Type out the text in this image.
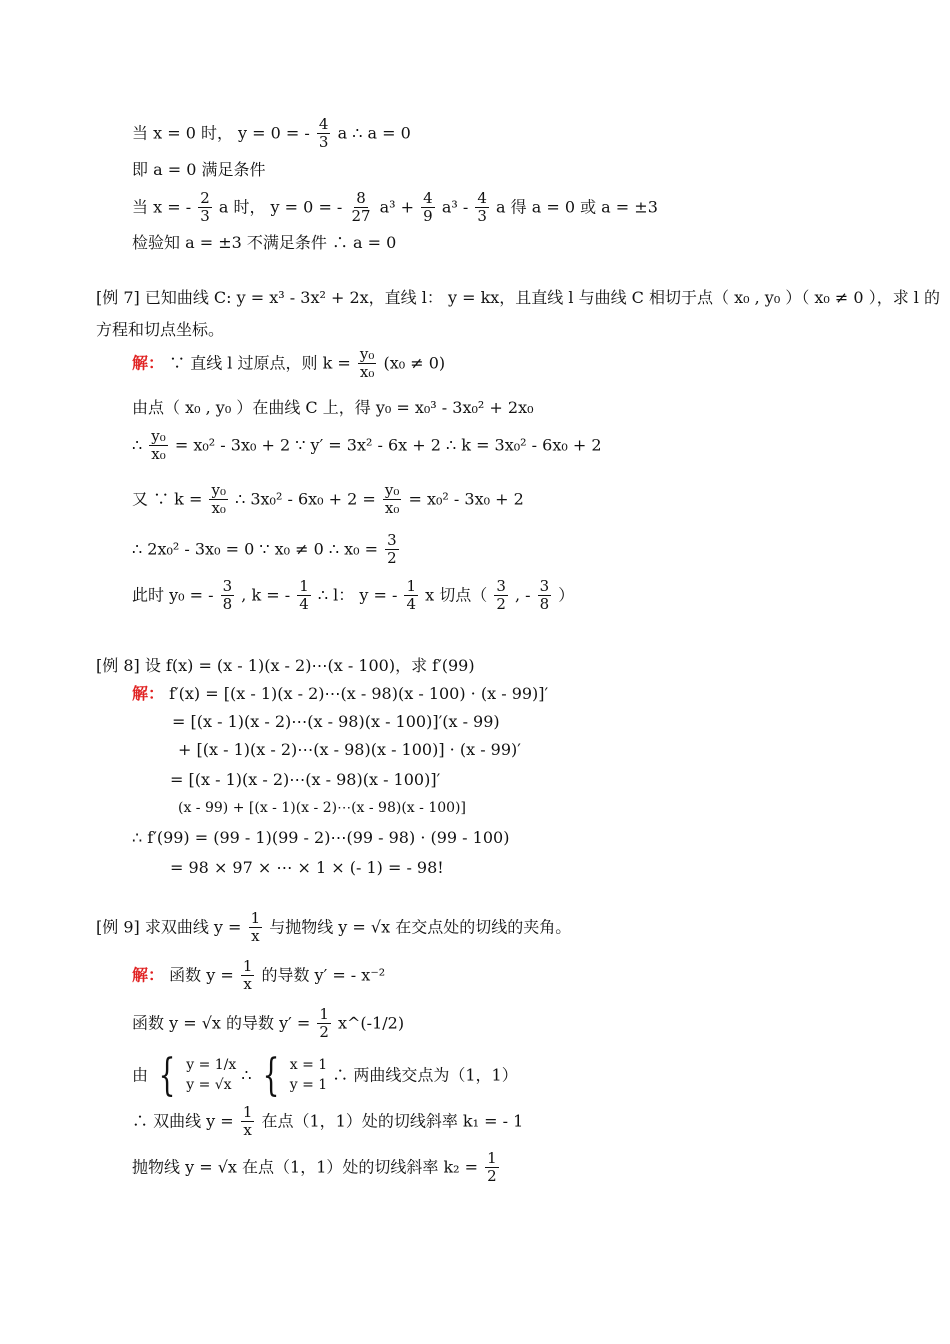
当 x = 0 时， y = 0 = - $\frac{4}{3}$ a ∴ a = 0
即 a = 0 满足条件
当 x = - $\frac{2}{3}$ a 时， y = 0 = - $\frac{8}{27} a^3 + \frac{4}{9} a^3 - \frac{4}{3}$ a 得 a = 0 或 a = ±3
检验知 a = ±3 不满足条件 ∴ a = 0
[例 7] 已知曲线 C: y = x³ - 3x² + 2x，直线 l： y = kx，且直线 l 与曲线 C 相切于点（ x₀ , y₀ ）（ x₀ ≠ 0 ），求 l 的
方程和切点坐标。
解： ∵ 直线 l 过原点，则 $k = \frac{\text{y₀}}{\text{x₀}} (x_0 \ne 0)$
由点（ x₀ , y₀ ）在曲线 C 上，得 y₀ = x₀³ - 3x₀² + 2x₀
∴ $\frac{\text{y₀}}{\text{x₀}} = x_0^2 - 3x_0 + 2$ ∵ y′ = 3x² - 6x + 2 ∴ k = 3x₀² - 6x₀ + 2
又 ∵ $k = \frac{\text{y₀}}{\text{x₀}}$ ∴ $3x_0^2 - 6x_0 + 2 = \frac{\text{y₀}}{\text{x₀}} = x_0^2 - 3x_0 + 2$
∴ 2x₀² - 3x₀ = 0 ∵ x₀ ≠ 0 ∴ $x_0 = \frac{3}{2}$
此时 y₀ = - $\frac{3}{8}$ , k = - $\frac{1}{4}$ ∴ l： y = - $\frac{1}{4}$ x 切点（ $\frac{3}{2}$ , - $\frac{3}{8}$ ）
[例 8] 设 f(x) = (x - 1)(x - 2)⋯(x - 100)，求 f′(99)
解： f′(x) = [(x - 1)(x - 2)⋯(x - 98)(x - 100) · (x - 99)]′
= [(x - 1)(x - 2)⋯(x - 98)(x - 100)]′(x - 99)
+ [(x - 1)(x - 2)⋯(x - 98)(x - 100)] · (x - 99)′
= [(x - 1)(x - 2)⋯(x - 98)(x - 100)]′
(x - 99) + [(x - 1)(x - 2)⋯(x - 98)(x - 100)]
∴ f′(99) = (99 - 1)(99 - 2)⋯(99 - 98) · (99 - 100)
= 98 × 97 × ⋯ × 1 × (- 1) = - 98!
[例 9] 求双曲线 $y = \frac{1}{x}$ 与抛物线 y = √x 在交点处的切线的夹角。
解： 函数 $y = \frac{1}{x}$ 的导数 y′ = - x⁻²
函数 y = √x 的导数 $y' = \frac{1}{2}$ x^(-1/2)
由 { y = 1/x
y = √x
∴ { x = 1
y = 1
∴ 两曲线交点为（1，1）
∴ 双曲线 $y = \frac{1}{x}$ 在点（1，1）处的切线斜率 k₁ = - 1
抛物线 y = √x 在点（1，1）处的切线斜率 $k_2 = \frac{1}{2}$
